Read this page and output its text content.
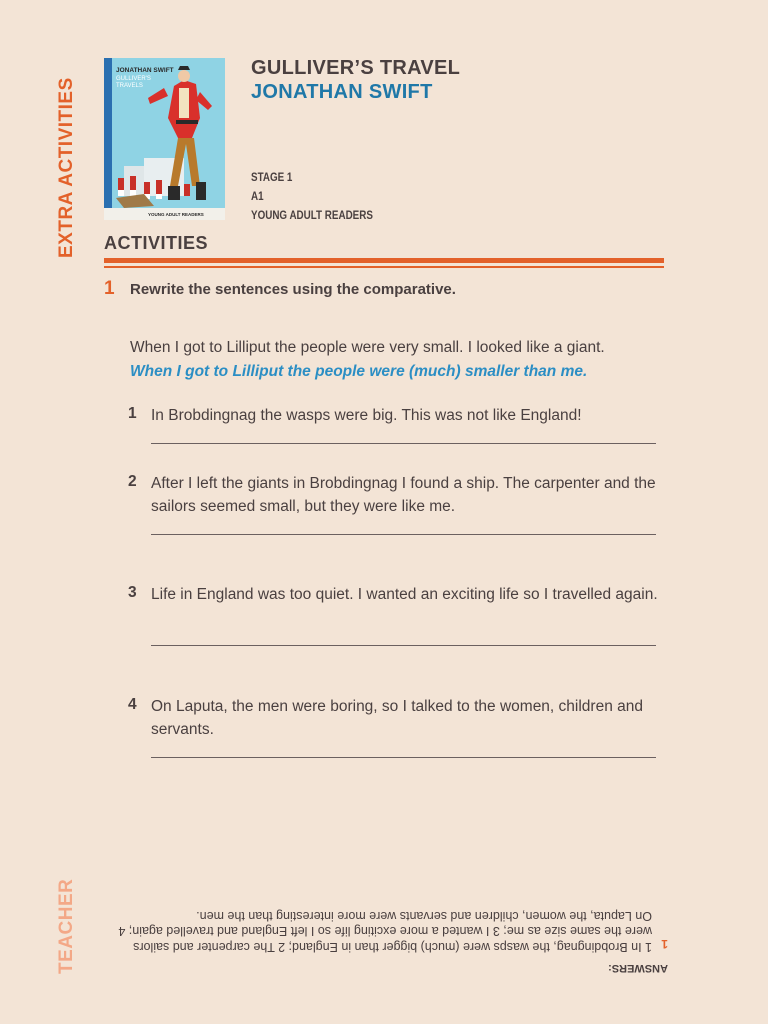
EXTRA ACTIVITIES
TEACHER
JONATHAN SWIFT
GULLIVER'S
TRAVELS
YOUNG ADULT READERS
GULLIVER’S TRAVEL
JONATHAN SWIFT
STAGE 1
A1
YOUNG ADULT READERS
ACTIVITIES
1 Rewrite the sentences using the comparative.
When I got to Lilliput the people were very small. I looked like a giant.
When I got to Lilliput the people were (much) smaller than me.
1 In Brobdingnag the wasps were big. This was not like England!
2 After I left the giants in Brobdingnag I found a ship. The carpenter and the sailors seemed small, but they were like me.
3 Life in England was too quiet. I wanted an exciting life so I travelled again.
4 On Laputa, the men were boring, so I talked to the women, children and servants.
ANSWERS:
1
1 In Brobdingnag, the wasps were (much) bigger than in England; 2 The carpenter and sailors were the same size as me; 3 I wanted a more exciting life so I left England and travelled again; 4 On Laputa, the women, children and servants were more interesting than the men.
